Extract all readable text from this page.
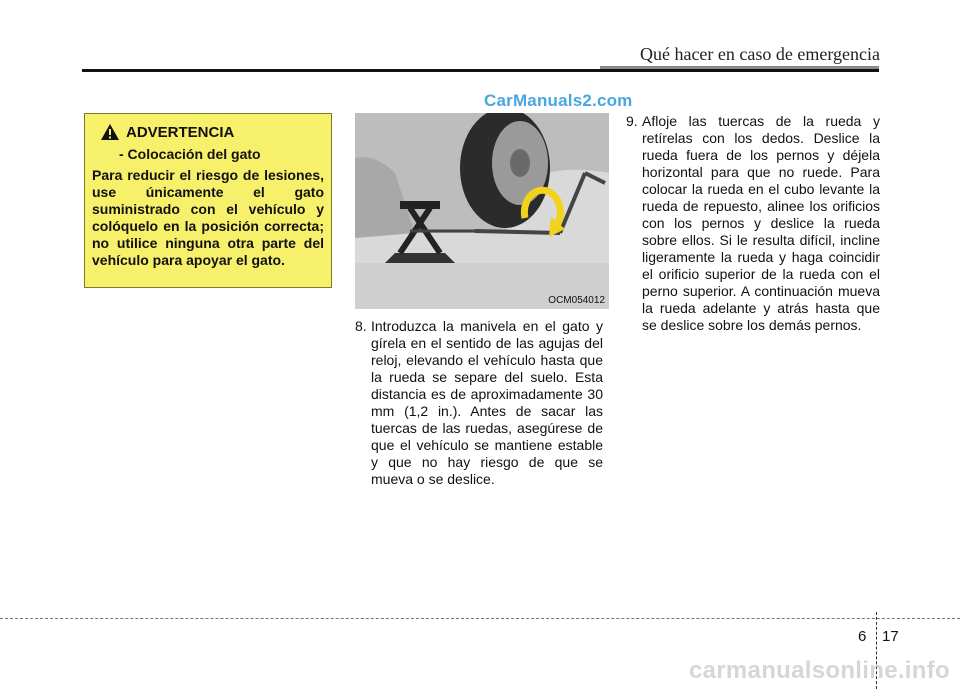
Qué hacer en caso de emergencia
CarManuals2.com
ADVERTENCIA
- Colocación del gato
Para reducir el riesgo de lesiones, use únicamente el gato suministrado con el vehículo y colóquelo en la posición correcta; no utilice ninguna otra parte del vehículo para apoyar el gato.
OCM054012
8. Introduzca la manivela en el gato y gírela en el sentido de las agujas del reloj, elevando el vehículo hasta que la rueda se separe del suelo. Esta distancia es de aproximadamente 30 mm (1,2 in.). Antes de sacar las tuercas de las ruedas, asegúrese de que el vehículo se mantiene estable y que no hay riesgo de que se mueva o se deslice.
9. Afloje las tuercas de la rueda y retírelas con los dedos. Deslice la rueda fuera de los pernos y déjela horizontal para que no ruede. Para colocar la rueda en el cubo levante la rueda de repuesto, alinee los orificios con los pernos y deslice la rueda sobre ellos. Si le resulta difícil, incline ligeramente la rueda y haga coincidir el orificio superior de la rueda con el perno superior. A continuación mueva la rueda adelante y atrás hasta que se deslice sobre los demás pernos.
6 17
carmanualsonline.info
